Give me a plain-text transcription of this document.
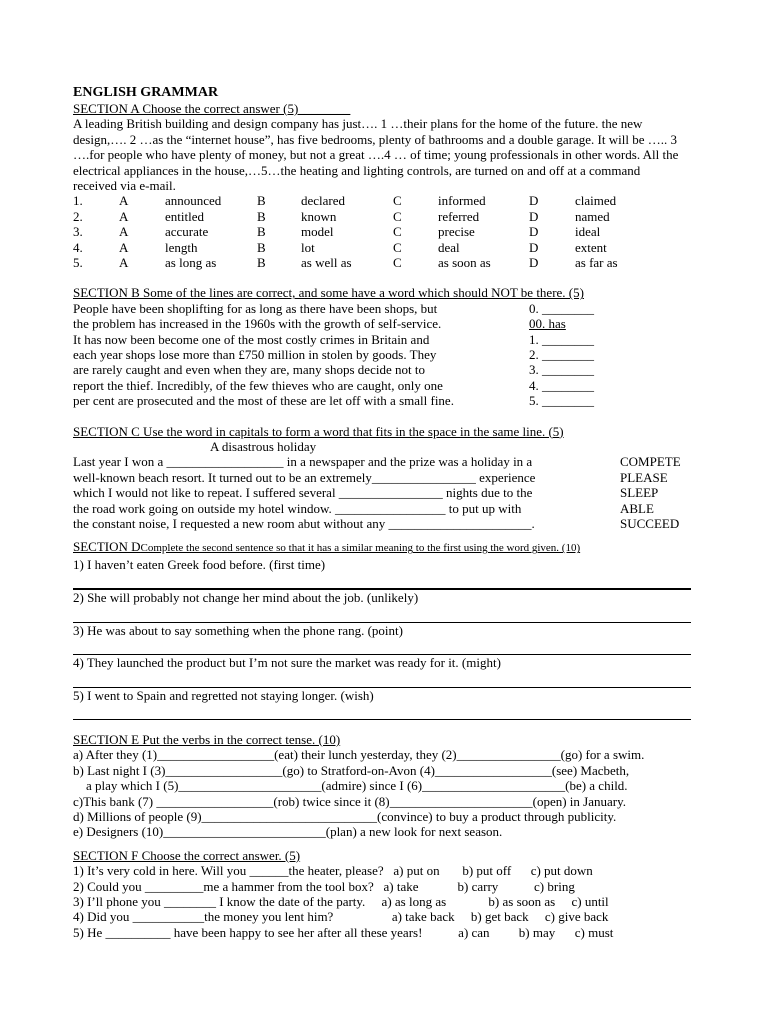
ENGLISH GRAMMAR
SECTION A Choose the correct answer (5)________
A leading British building and design company has just…. 1 …their plans for the home of the future. the new design,…. 2 …as the “internet house”, has five bedrooms, plenty of bathrooms and a double garage. It will be ….. 3 ….for people who have plenty of money, but not a great ….4 … of time; young professionals in other words. All the electrical appliances in the house,…5…the heating and lighting controls, are turned on and off at a command received via e-mail.
1.	A	announced	B	declared	C	informed	D	claimed
2.	A	entitled	B	known	C	referred	D	named
3.	A	accurate	B	model	C	precise	D	ideal
4.	A	length	B	lot	C	deal	D	extent
5.	A	as long as	B	as well as	C	as soon as	D	as far as
SECTION B Some of the lines are correct, and some have a word which should NOT be there. (5)
People have been shoplifting for as long as there have been shops, but	0. ________
the problem has increased in the 1960s with the growth of self-service.	00. has
It has now been become one of the most costly crimes in Britain and	1. ________
each year shops lose more than £750 million in stolen by goods. They	2. ________
are rarely caught and even when they are, many shops decide not to	3. ________
report the thief. Incredibly, of the few thieves who are caught, only one	4. ________
per cent are prosecuted and the most of these are let off with a small fine.	5. ________
SECTION C Use the word in capitals to form a word that fits in the space in the same line. (5)
A disastrous holiday
Last year I won a __________________ in a newspaper and the prize was a holiday in a	COMPETE
well-known beach resort. It turned out to be an extremely________________ experience	PLEASE
which I would not like to repeat. I suffered several ________________ nights due to the	SLEEP
the road work going on outside my hotel window. _________________ to put up with	ABLE
the constant noise, I requested a new room abut without any ______________________.	SUCCEED
SECTION DComplete the second sentence so that it has a similar meaning to the first using the word given. (10)
1) I haven’t eaten Greek food before. (first time)
2) She will probably not change her mind about the job. (unlikely)
3) He was about to say something when the phone rang. (point)
4) They launched the product but I’m not sure the market was ready for it. (might)
5) I went to Spain and regretted not staying longer. (wish)
SECTION E Put the verbs in the correct tense. (10)
a) After they (1)__________________(eat) their lunch yesterday, they (2)________________(go) for a swim.
b) Last night I (3)__________________(go) to Stratford-on-Avon (4)__________________(see) Macbeth,
a play which I (5)______________________(admire) since I (6)______________________(be) a child.
c)This bank (7) __________________(rob) twice since it (8)______________________(open) in January.
d) Millions of people (9)___________________________(convince) to buy a product through publicity.
e) Designers (10)_________________________(plan) a new look for next season.
SECTION F Choose the correct answer. (5)
1) It’s very cold in here. Will you ______the heater, please?   a) put on       b) put off      c) put down
2) Could you _________me a hammer from the tool box?   a) take            b) carry           c) bring
3) I’ll phone you ________ I know the date of the party.     a) as long as             b) as soon as     c) until
4) Did you ___________the money you lent him?                  a) take back     b) get back     c) give back
5) He __________ have been happy to see her after all these years!           a) can         b) may      c) must
